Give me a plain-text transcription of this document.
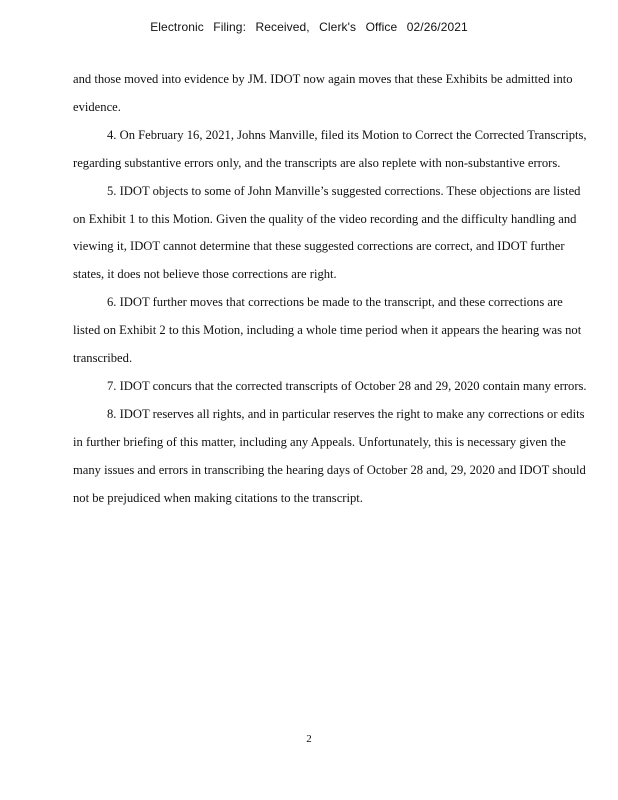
Electronic Filing: Received, Clerk's Office 02/26/2021

and those moved into evidence by JM. IDOT now again moves that these Exhibits be admitted into evidence.

4. On February 16, 2021, Johns Manville, filed its Motion to Correct the Corrected Transcripts, regarding substantive errors only, and the transcripts are also replete with non-substantive errors.

5. IDOT objects to some of John Manville’s suggested corrections. These objections are listed on Exhibit 1 to this Motion. Given the quality of the video recording and the difficulty handling and viewing it, IDOT cannot determine that these suggested corrections are correct, and IDOT further states, it does not believe those corrections are right.

6. IDOT further moves that corrections be made to the transcript, and these corrections are listed on Exhibit 2 to this Motion, including a whole time period when it appears the hearing was not transcribed.

7. IDOT concurs that the corrected transcripts of October 28 and 29, 2020 contain many errors.

8. IDOT reserves all rights, and in particular reserves the right to make any corrections or edits in further briefing of this matter, including any Appeals. Unfortunately, this is necessary given the many issues and errors in transcribing the hearing days of October 28 and, 29, 2020 and IDOT should not be prejudiced when making citations to the transcript.

2
